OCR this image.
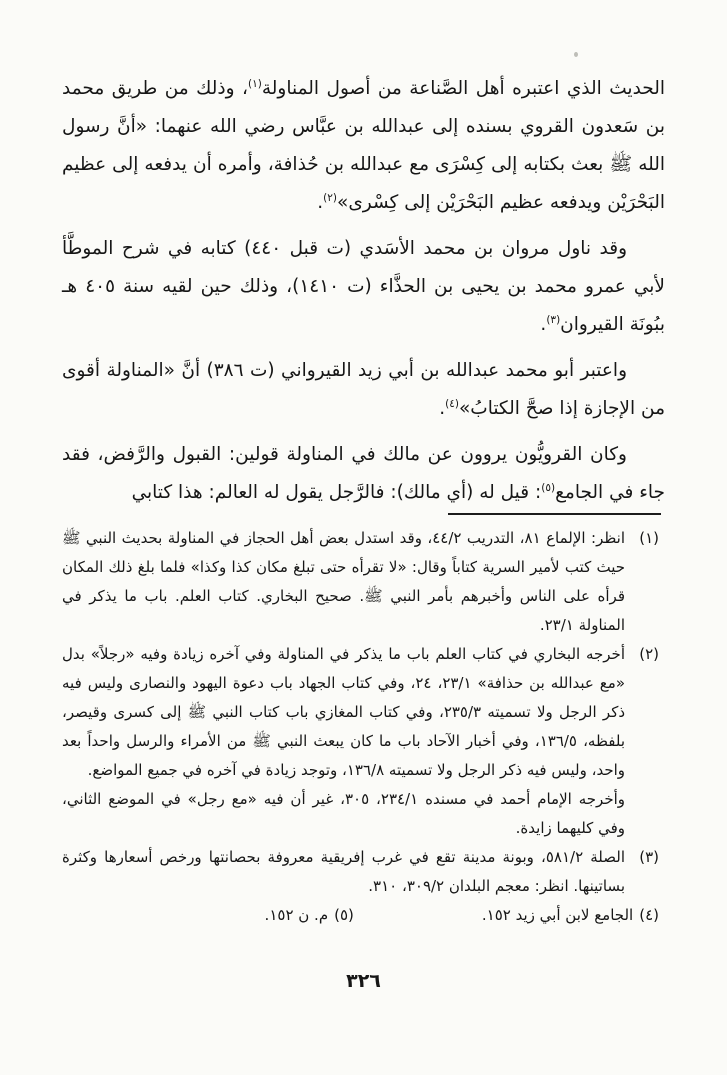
الحديث الذي اعتبره أهل الصَّناعة من أصول المناولة$^{(١)}$، وذلك من طريق محمد بن سَعدون القروي بسنده إلى عبدالله بن عبَّاس رضي الله عنهما: «أنَّ رسول الله ﷺ بعث بكتابه إلى كِسْرَى مع عبدالله بن حُذافة، وأمره أن يدفعه إلى عظيم البَحْرَيْن ويدفعه عظيم البَحْرَيْن إلى كِسْرى»$^{(٢)}$.

وقد ناول مروان بن محمد الأسَدي (ت قبل ٤٤٠) كتابه في شرح الموطَّأ لأبي عمرو محمد بن يحيى بن الحذَّاء (ت ١٤١٠)، وذلك حين لقيه سنة ٤٠٥ هـ ببُونَة القيروان$^{(٣)}$.

واعتبر أبو محمد عبدالله بن أبي زيد القيرواني (ت ٣٨٦) أنَّ «المناولة أقوى من الإجازة إذا صحَّ الكتابُ»$^{(٤)}$.

وكان القرويُّون يروون عن مالك في المناولة قولين: القبول والرَّفض، فقد جاء في الجامع$^{(٥)}$: قيل له (أي مالك): فالرَّجل يقول له العالم: هذا كتابي

(١)

انظر: الإلماع ٨١، التدريب ٤٤/٢، وقد استدل بعض أهل الحجاز في المناولة بحديث النبي ﷺ حيث كتب لأمير السرية كتاباً وقال: «لا تقرأه حتى تبلغ مكان كذا وكذا» فلما بلغ ذلك المكان قرأه على الناس وأخبرهم بأمر النبي ﷺ. صحيح البخاري. كتاب العلم. باب ما يذكر في المناولة ٢٣/١.

(٢)

أخرجه البخاري في كتاب العلم باب ما يذكر في المناولة وفي آخره زيادة وفيه «رجلاً» بدل «مع عبدالله بن حذافة» ٢٣/١، ٢٤، وفي كتاب الجهاد باب دعوة اليهود والنصارى وليس فيه ذكر الرجل ولا تسميته ٢٣٥/٣، وفي كتاب المغازي باب كتاب النبي ﷺ إلى كسرى وقيصر، بلفظه، ١٣٦/٥، وفي أخبار الآحاد باب ما كان يبعث النبي ﷺ من الأمراء والرسل واحداً بعد واحد، وليس فيه ذكر الرجل ولا تسميته ١٣٦/٨، وتوجد زيادة في آخره في جميع المواضع.

وأخرجه الإمام أحمد في مسنده ٢٣٤/١، ٣٠٥، غير أن فيه «مع رجل» في الموضع الثاني، وفي كليهما زايدة.

(٣)

الصلة ٥٨١/٢، وبونة مدينة تقع في غرب إفريقية معروفة بحصانتها ورخص أسعارها وكثرة بساتينها. انظر: معجم البلدان ٣٠٩/٢، ٣١٠.

(٤)الجامع لابن أبي زيد ١٥٢.
(٥)م. ن ١٥٢.
٣٢٦
